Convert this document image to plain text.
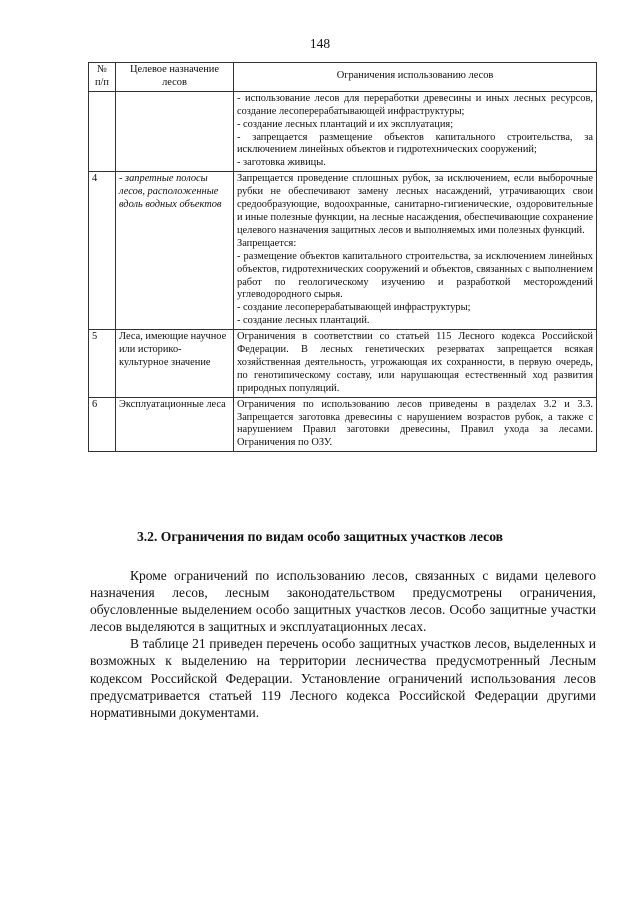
148
№ п/п	Целевое назначение лесов	Ограничения использованию лесов

		- использование лесов для переработки древесины и иных лесных ресурсов, создание лесоперерабатывающей инфраструктуры;
- создание лесных плантаций и их эксплуатация;
- запрещается размещение объектов капитального строительства, за исключением линейных объектов и гидротехнических сооружений;
- заготовка живицы.

4	- запретные полосы лесов, расположенные вдоль водных объектов	Запрещается проведение сплошных рубок, за исключением, если выборочные рубки не обеспечивают замену лесных насаждений, утрачивающих свои средообразующие, водоохранные, санитарно-гигиенические, оздоровительные и иные полезные функции, на лесные насаждения, обеспечивающие сохранение целевого назначения защитных лесов и выполняемых ими полезных функций.
Запрещается:
- размещение объектов капитального строительства, за исключением линейных объектов, гидротехнических сооружений и объектов, связанных с выполнением работ по геологическому изучению и разработкой месторождений углеводородного сырья.
- создание лесоперерабатывающей инфраструктуры;
- создание лесных плантаций.

5	Леса, имеющие научное или историко-культурное значение	Ограничения в соответствии со статьей 115 Лесного кодекса Российской Федерации. В лесных генетических резерватах запрещается всякая хозяйственная деятельность, угрожающая их сохранности, в первую очередь, по генотипическому составу, или нарушающая естественный ход развития природных популяций.

6	Эксплуатационные леса	Ограничения по использованию лесов приведены в разделах 3.2 и 3.3. Запрещается заготовка древесины с нарушением возрастов рубок, а также с нарушением Правил заготовки древесины, Правил ухода за лесами. Ограничения по ОЗУ.
3.2. Ограничения по видам особо защитных участков лесов

Кроме ограничений по использованию лесов, связанных с видами целевого назначения лесов, лесным законодательством предусмотрены ограничения, обусловленные выделением особо защитных участков лесов. Особо защитные участки лесов выделяются в защитных и эксплуатационных лесах.

В таблице 21 приведен перечень особо защитных участков лесов, выделенных и возможных к выделению на территории лесничества предусмотренный Лесным кодексом Российской Федерации. Установление ограничений использования лесов предусматривается статьей 119 Лесного кодекса Российской Федерации другими нормативными документами.
